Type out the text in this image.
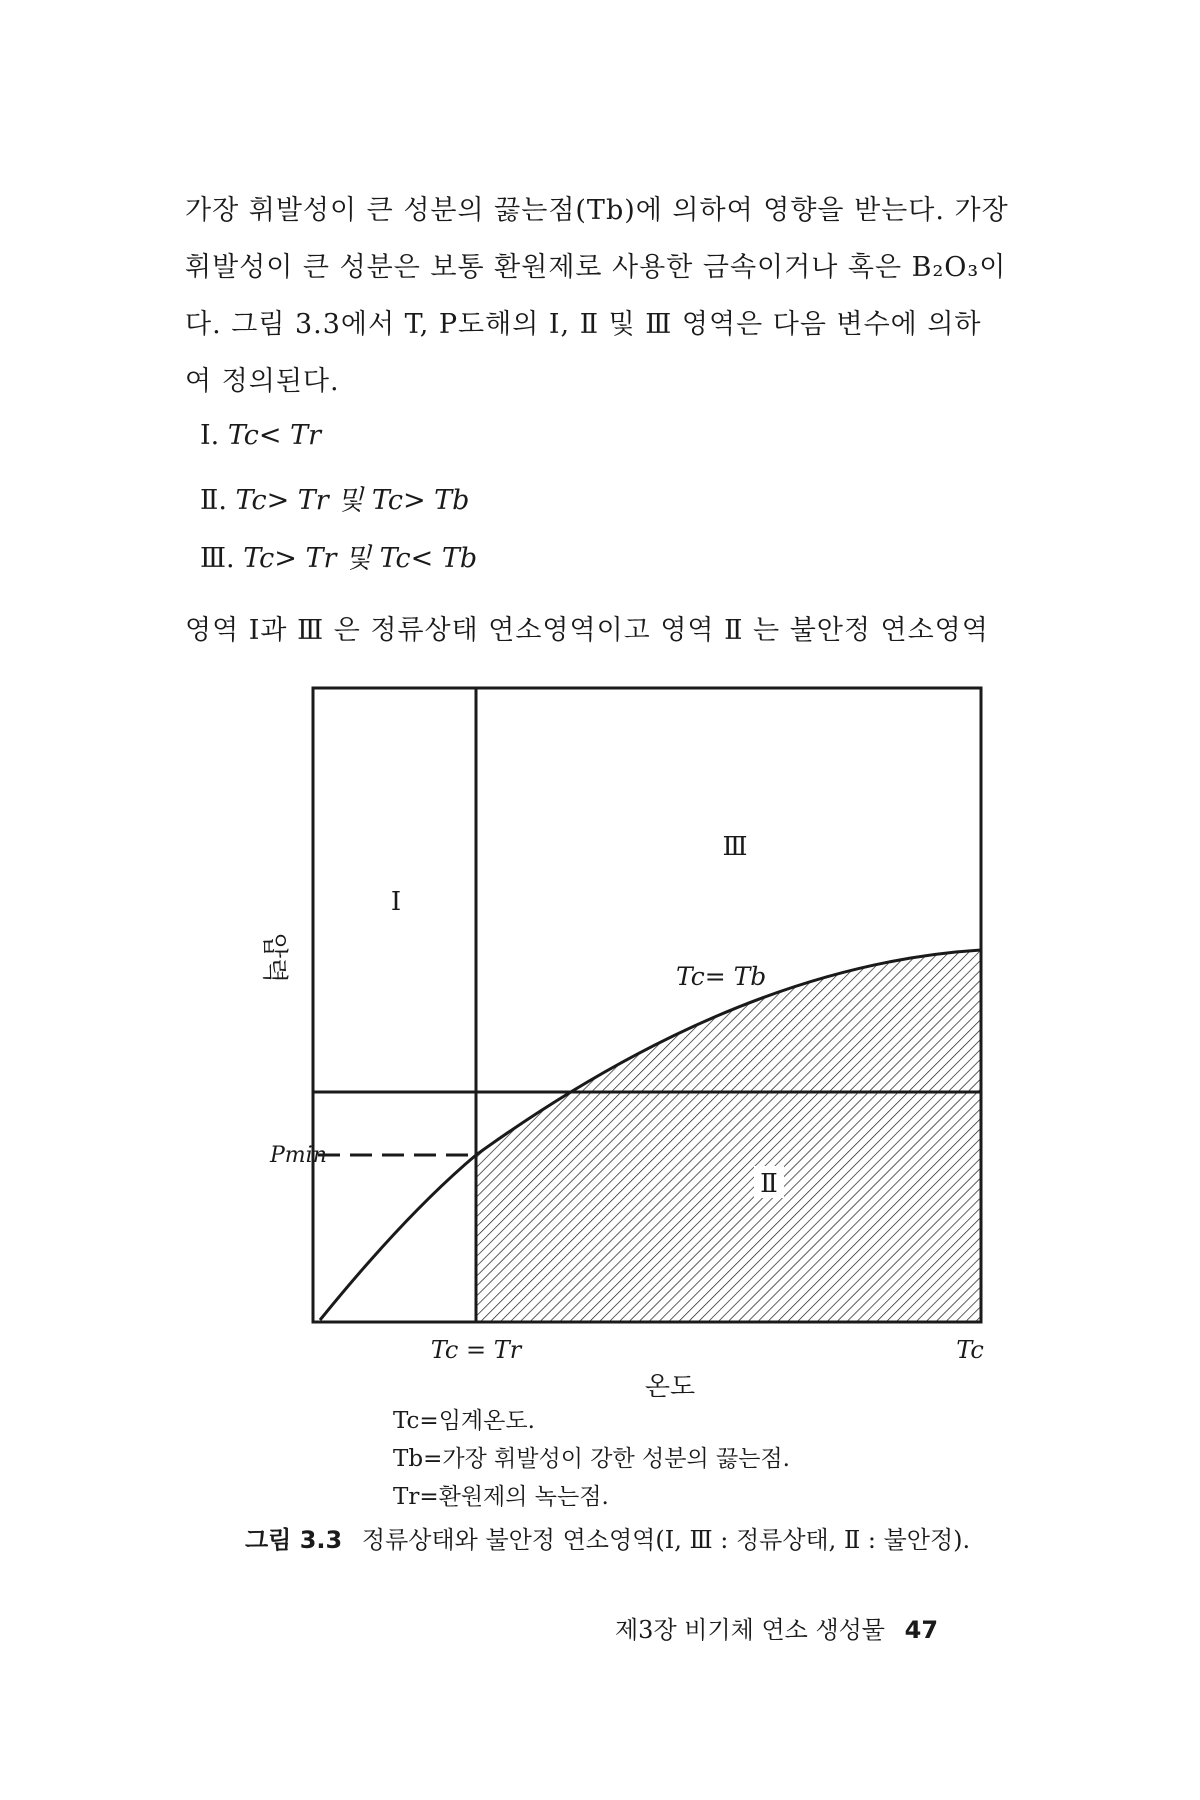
가장 휘발성이 큰 성분의 끓는점(Tb)에 의하여 영향을 받는다. 가장
휘발성이 큰 성분은 보통 환원제로 사용한 금속이거나 혹은 B₂O₃이
다. 그림 3.3에서 T, P도해의 Ⅰ, Ⅱ 및 Ⅲ 영역은 다음 변수에 의하
여 정의된다.
Ⅰ. Tc< Tr
Ⅱ. Tc> Tr 및 Tc> Tb
Ⅲ. Tc> Tr 및 Tc< Tb
영역 Ⅰ과 Ⅲ 은 정류상태 연소영역이고 영역 Ⅱ 는 불안정 연소영역
Ⅰ
Ⅲ
Ⅱ
Tc= Tb
Pmin
압력
Tc = Tr	Tc
온도
Tc=임계온도.
Tb=가장 휘발성이 강한 성분의 끓는점.
Tr=환원제의 녹는점.
그림 3.3 정류상태와 불안정 연소영역(Ⅰ, Ⅲ : 정류상태, Ⅱ : 불안정).
제3장 비기체 연소 생성물 47
